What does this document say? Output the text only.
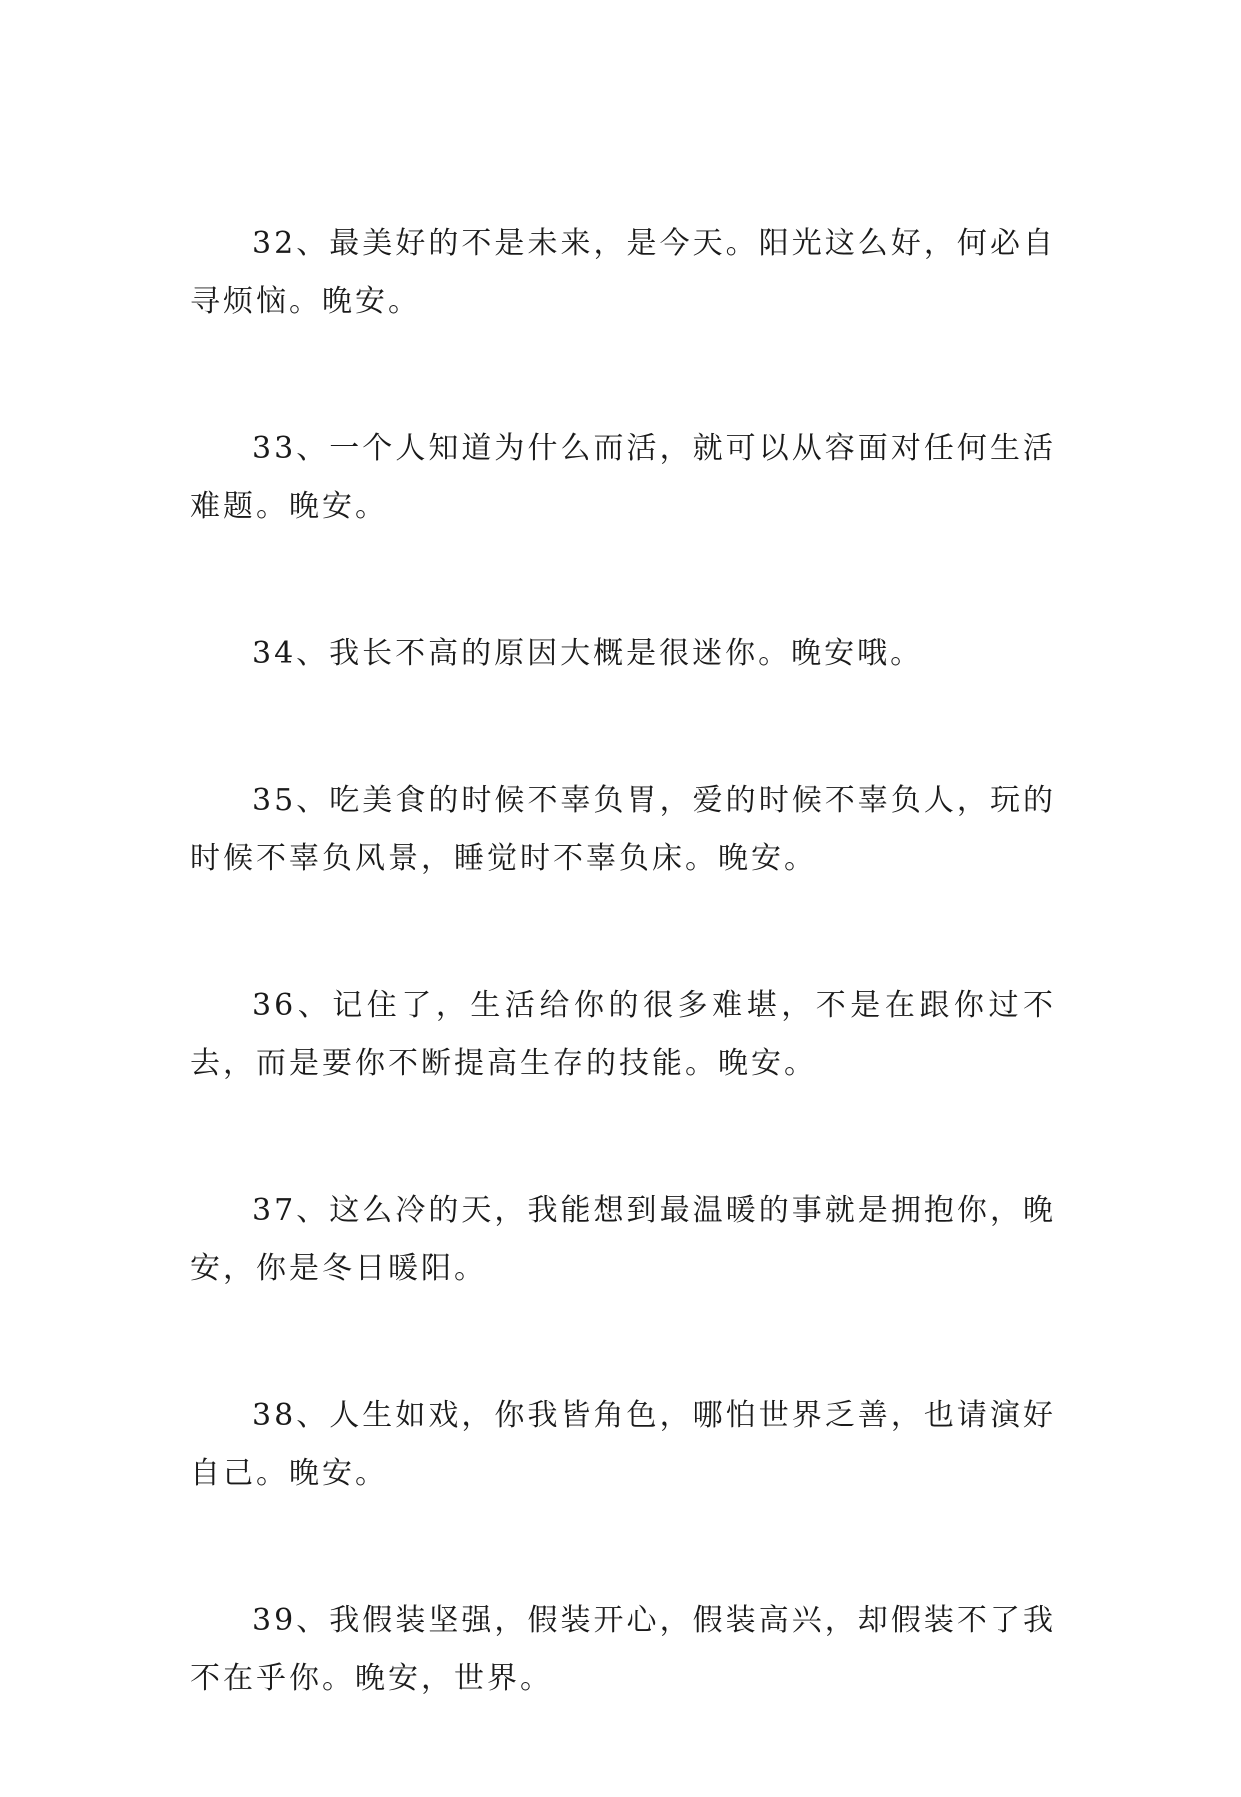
32、最美好的不是未来，是今天。阳光这么好，何必自寻烦恼。晚安。

33、一个人知道为什么而活，就可以从容面对任何生活难题。晚安。

34、我长不高的原因大概是很迷你。晚安哦。

35、吃美食的时候不辜负胃，爱的时候不辜负人，玩的时候不辜负风景，睡觉时不辜负床。晚安。

36、记住了，生活给你的很多难堪，不是在跟你过不去，而是要你不断提高生存的技能。晚安。

37、这么冷的天，我能想到最温暖的事就是拥抱你，晚安，你是冬日暖阳。

38、人生如戏，你我皆角色，哪怕世界乏善，也请演好自己。晚安。

39、我假装坚强，假装开心，假装高兴，却假装不了我不在乎你。晚安，世界。
